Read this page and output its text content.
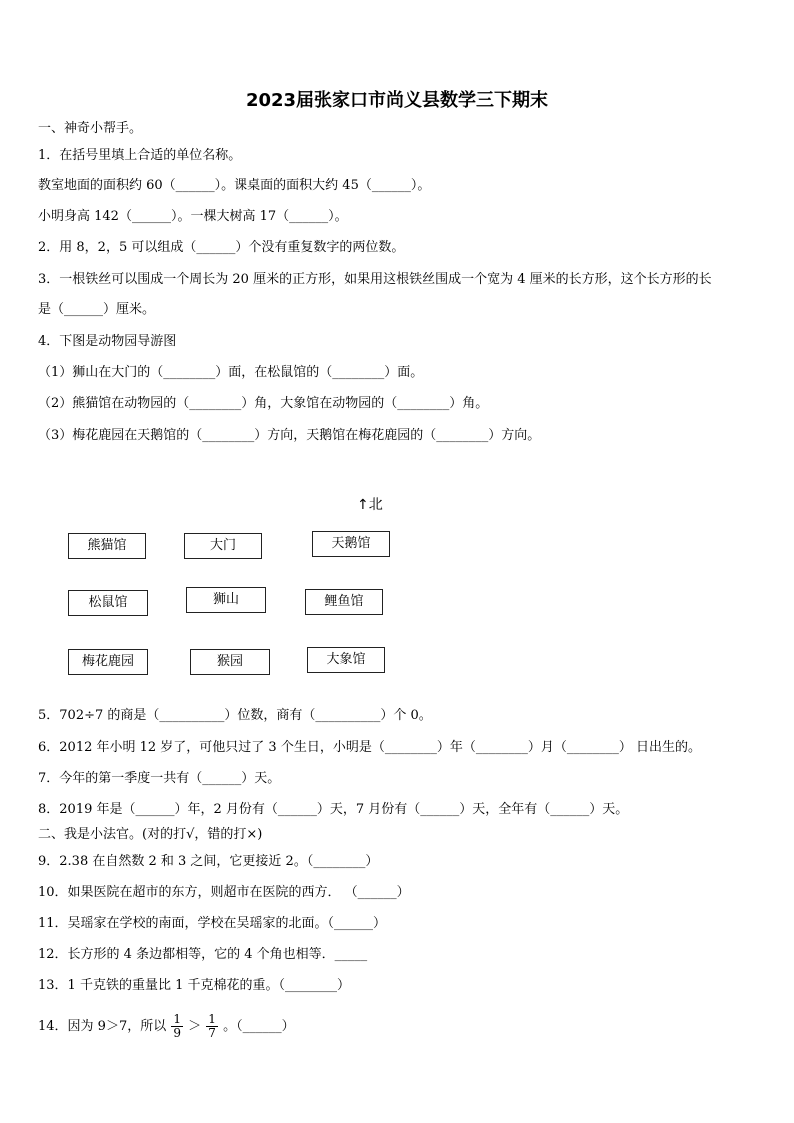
2023届张家口市尚义县数学三下期末
一、神奇小帮手。
1．在括号里填上合适的单位名称。
教室地面的面积约 60（______）。课桌面的面积大约 45（______）。
小明身高 142（______）。一棵大树高 17（______）。
2．用 8，2，5 可以组成（______）个没有重复数字的两位数。
3．一根铁丝可以围成一个周长为 20 厘米的正方形，如果用这根铁丝围成一个宽为 4 厘米的长方形，这个长方形的长
是（______）厘米。
4．下图是动物园导游图
（1）狮山在大门的（________）面，在松鼠馆的（________）面。
（2）熊猫馆在动物园的（________）角，大象馆在动物园的（________）角。
（3）梅花鹿园在天鹅馆的（________）方向，天鹅馆在梅花鹿园的（________）方向。
5．702÷7 的商是（__________）位数，商有（__________）个 0。
6．2012 年小明 12 岁了，可他只过了 3 个生日，小明是（________）年（________）月（________） 日出生的。
7．今年的第一季度一共有（______）天。
8．2019 年是（______）年，2 月份有（______）天，7 月份有（______）天，全年有（______）天。
二、我是小法官。(对的打√，错的打×)
9．2.38 在自然数 2 和 3 之间，它更接近 2。（________）
10．如果医院在超市的东方，则超市在医院的西方． （______）
11．吴瑶家在学校的南面，学校在吴瑶家的北面。（______）
12．长方形的 4 条边都相等，它的 4 个角也相等．_____
13．1 千克铁的重量比 1 千克棉花的重。（________）
14．因为 9＞7，所以 $\frac{1}{9} > \frac{1}{7}$ 。（______）
↑北
熊猫馆	大门	天鹅馆
松鼠馆	狮山	鲤鱼馆
梅花鹿园	猴园	大象馆
